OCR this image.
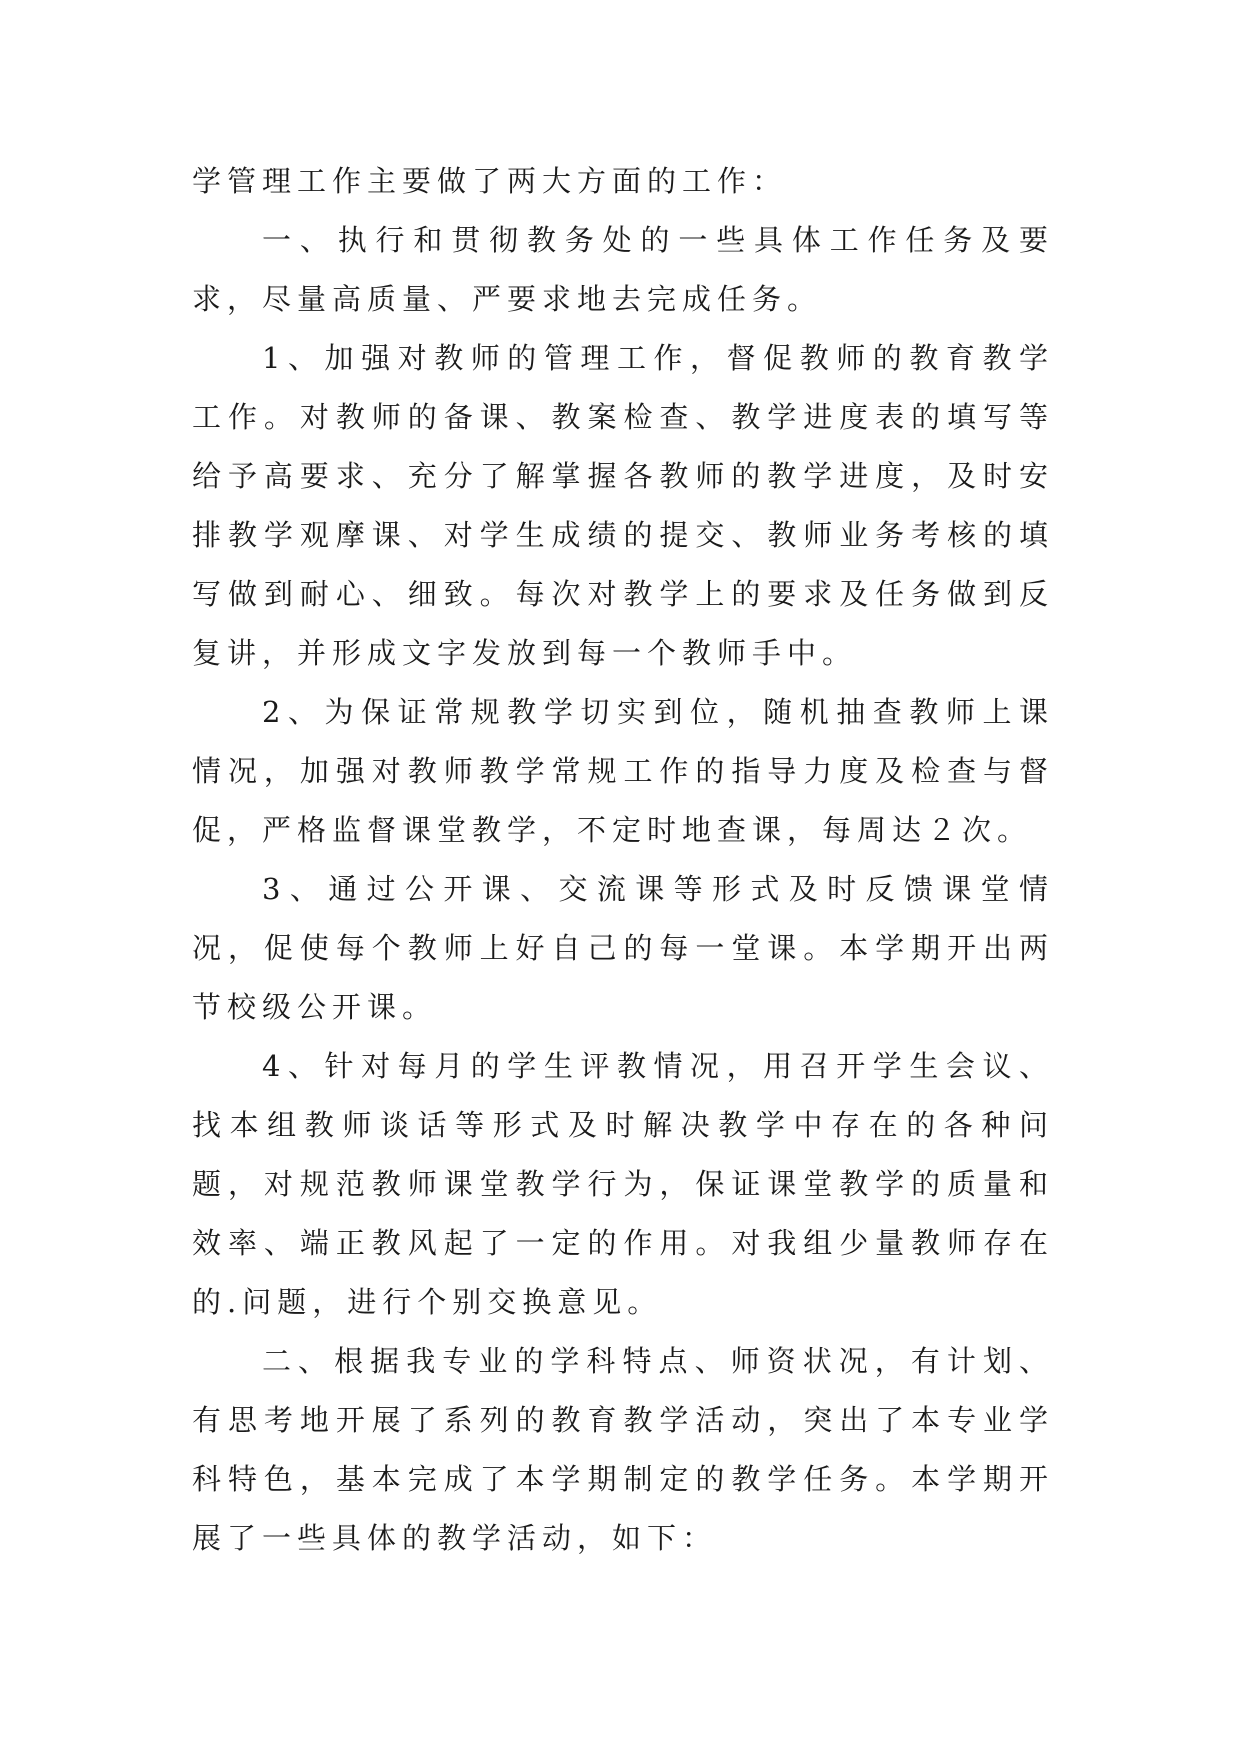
学管理工作主要做了两大方面的工作：

一、执行和贯彻教务处的一些具体工作任务及要求，尽量高质量、严要求地去完成任务。

1、加强对教师的管理工作，督促教师的教育教学工作。对教师的备课、教案检查、教学进度表的填写等给予高要求、充分了解掌握各教师的教学进度，及时安排教学观摩课、对学生成绩的提交、教师业务考核的填写做到耐心、细致。每次对教学上的要求及任务做到反复讲，并形成文字发放到每一个教师手中。

2、为保证常规教学切实到位，随机抽查教师上课情况，加强对教师教学常规工作的指导力度及检查与督促，严格监督课堂教学，不定时地查课，每周达２次。

3、通过公开课、交流课等形式及时反馈课堂情况，促使每个教师上好自己的每一堂课。本学期开出两节校级公开课。

4、针对每月的学生评教情况，用召开学生会议、找本组教师谈话等形式及时解决教学中存在的各种问题，对规范教师课堂教学行为，保证课堂教学的质量和效率、端正教风起了一定的作用。对我组少量教师存在的.问题，进行个别交换意见。

二、根据我专业的学科特点、师资状况，有计划、有思考地开展了系列的教育教学活动，突出了本专业学科特色，基本完成了本学期制定的教学任务。本学期开展了一些具体的教学活动，如下：
